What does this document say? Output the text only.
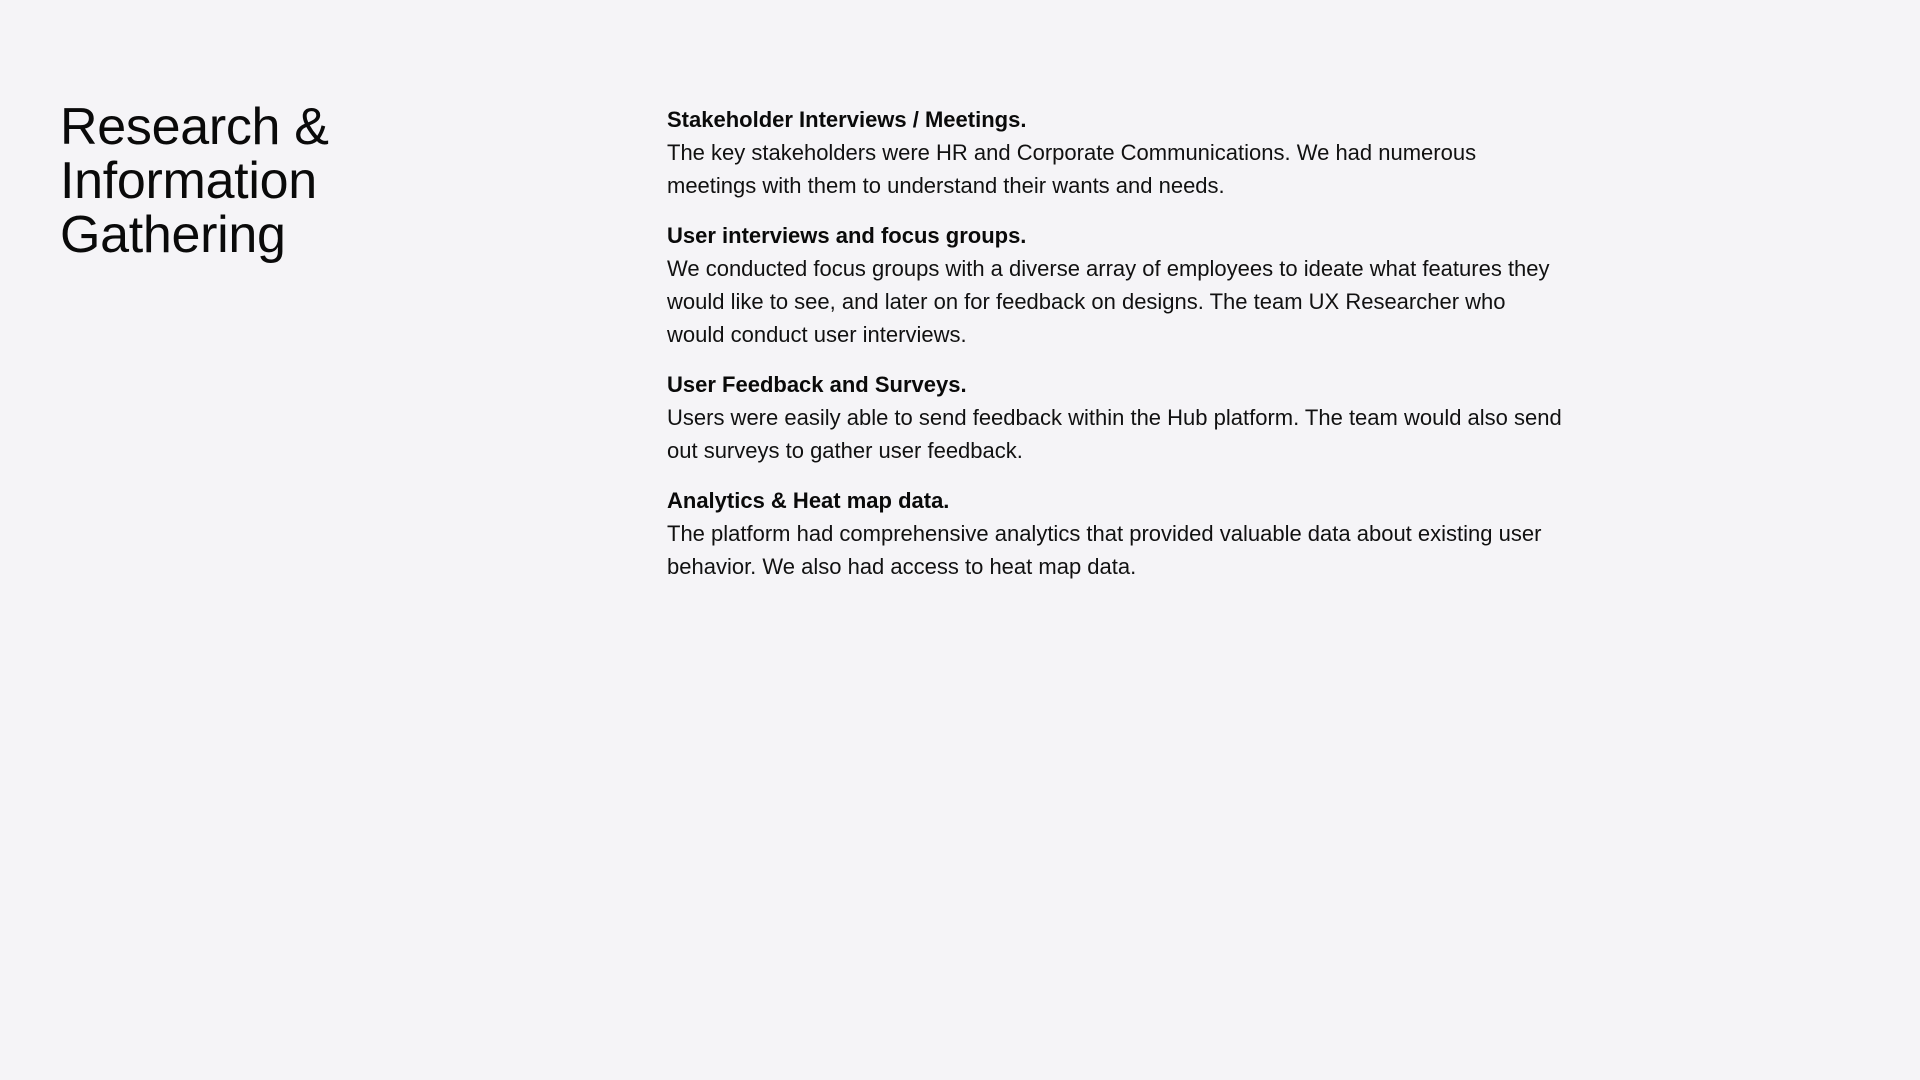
Research & Information Gathering
Stakeholder Interviews / Meetings.

The key stakeholders were HR and Corporate Communications. We had numerous meetings with them to understand their wants and needs.

User interviews and focus groups.

We conducted focus groups with a diverse array of employees to ideate what features they would like to see, and later on for feedback on designs. The team UX Researcher who would conduct user interviews.

User Feedback and Surveys.

Users were easily able to send feedback within the Hub platform. The team would also send out surveys to gather user feedback.

Analytics & Heat map data.

The platform had comprehensive analytics that provided valuable data about existing user behavior. We also had access to heat map data.
